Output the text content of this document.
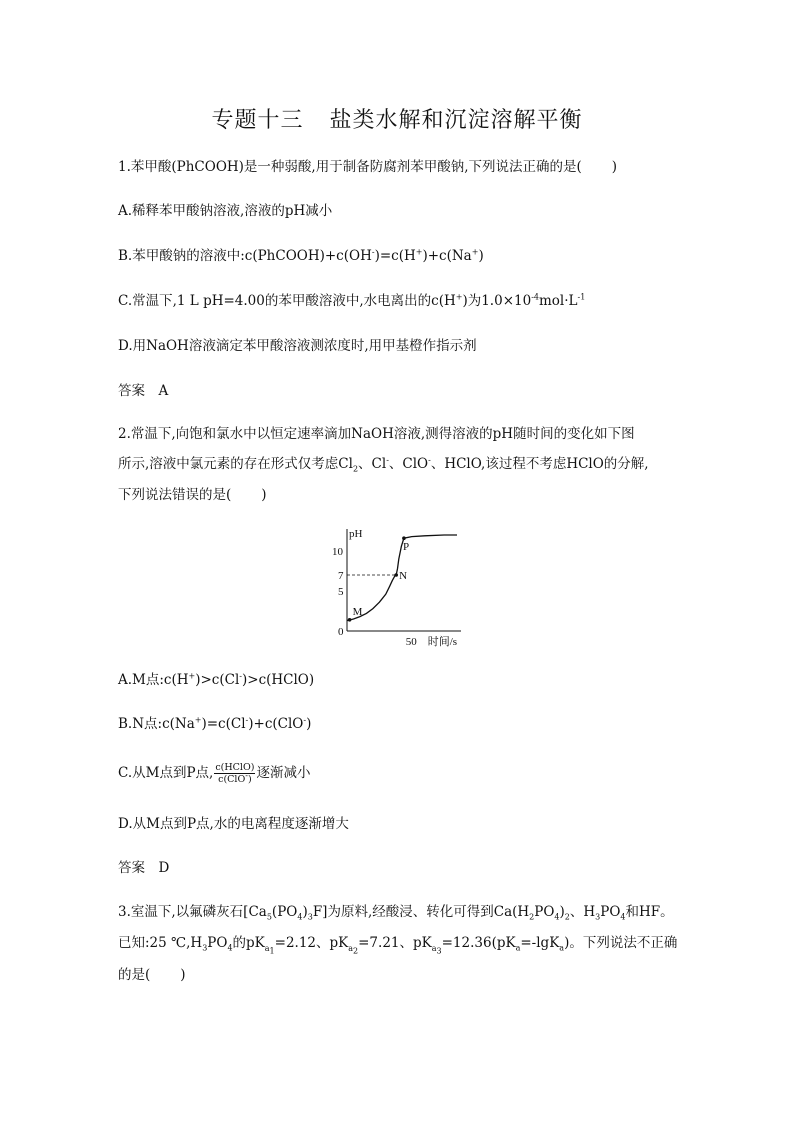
专题十三 盐类水解和沉淀溶解平衡
1.苯甲酸(PhCOOH)是一种弱酸,用于制备防腐剂苯甲酸钠,下列说法正确的是( )
A.稀释苯甲酸钠溶液,溶液的pH减小
B.苯甲酸钠的溶液中:c(PhCOOH)+c(OH-)=c(H+)+c(Na+)
C.常温下,1 L pH=4.00的苯甲酸溶液中,水电离出的c(H+)为$1.0\times 10^{-4}mol\cdot L^{-1}$
D.用NaOH溶液滴定苯甲酸溶液测浓度时,用甲基橙作指示剂
答案　A
2.常温下,向饱和氯水中以恒定速率滴加NaOH溶液,测得溶液的pH随时间的变化如下图
所示,溶液中氯元素的存在形式仅考虑$Cl_2$、Cl-、ClO-、HClO,该过程不考虑HClO的分解,
下列说法错误的是( )
pH
时间/s
0
5
7
10
50
M
N
P
A.M点:c(H+)>c(Cl-)>c(HClO)
B.N点:c(Na+)=c(Cl-)+c(ClO-)
C.从M点到P点, $\frac{\text{c(HClO)}}{c(ClO^-)}$ 逐渐减小
D.从M点到P点,水的电离程度逐渐增大
答案　D
3.室温下,以氟磷灰石$[Ca_5(PO_4)_3F]$为原料,经酸浸、转化可得到$Ca(H_2PO_4)_2$、$H_3PO_4$和HF。
已知:25 $℃,H_3PO_4$的$pK_{a_1}=2.12$、$pK_{a_2}=7.21$、$pK_{a_3}=12.36(pK_a=-\lg K_a)$。下列说法不正确
的是( )
